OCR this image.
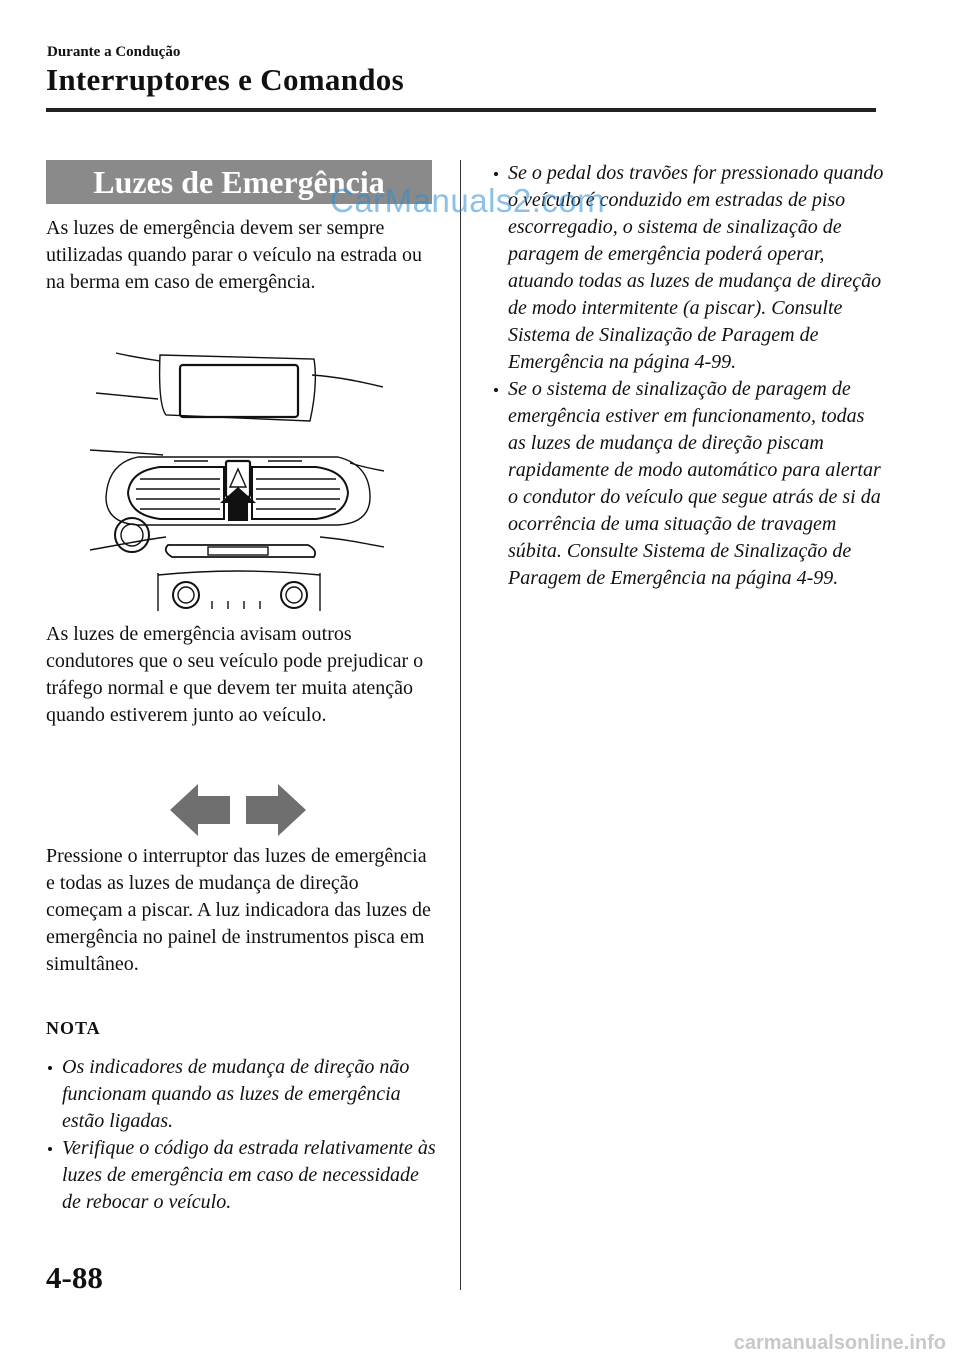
Durante a Condução
Interruptores e Comandos
Luzes de Emergência
As luzes de emergência devem ser sempre utilizadas quando parar o veículo na estrada ou na berma em caso de emergência.
As luzes de emergência avisam outros condutores que o seu veículo pode prejudicar o tráfego normal e que devem ter muita atenção quando estiverem junto ao veículo.
Pressione o interruptor das luzes de emergência e todas as luzes de mudança de direção começam a piscar. A luz indicadora das luzes de emergência no painel de instrumentos pisca em simultâneo.
NOTA
Os indicadores de mudança de direção não funcionam quando as luzes de emergência estão ligadas.
Verifique o código da estrada relativamente às luzes de emergência em caso de necessidade de rebocar o veículo.
Se o pedal dos travões for pressionado quando o veículo é conduzido em estradas de piso escorregadio, o sistema de sinalização de paragem de emergência poderá operar, atuando todas as luzes de mudança de direção de modo intermitente (a piscar). Consulte Sistema de Sinalização de Paragem de Emergência na página 4-99.
Se o sistema de sinalização de paragem de emergência estiver em funcionamento, todas as luzes de mudança de direção piscam rapidamente de modo automático para alertar o condutor do veículo que segue atrás de si da ocorrência de uma situação de travagem súbita. Consulte Sistema de Sinalização de Paragem de Emergência na página 4-99.
CarManuals2.com
4-88
carmanualsonline.info
